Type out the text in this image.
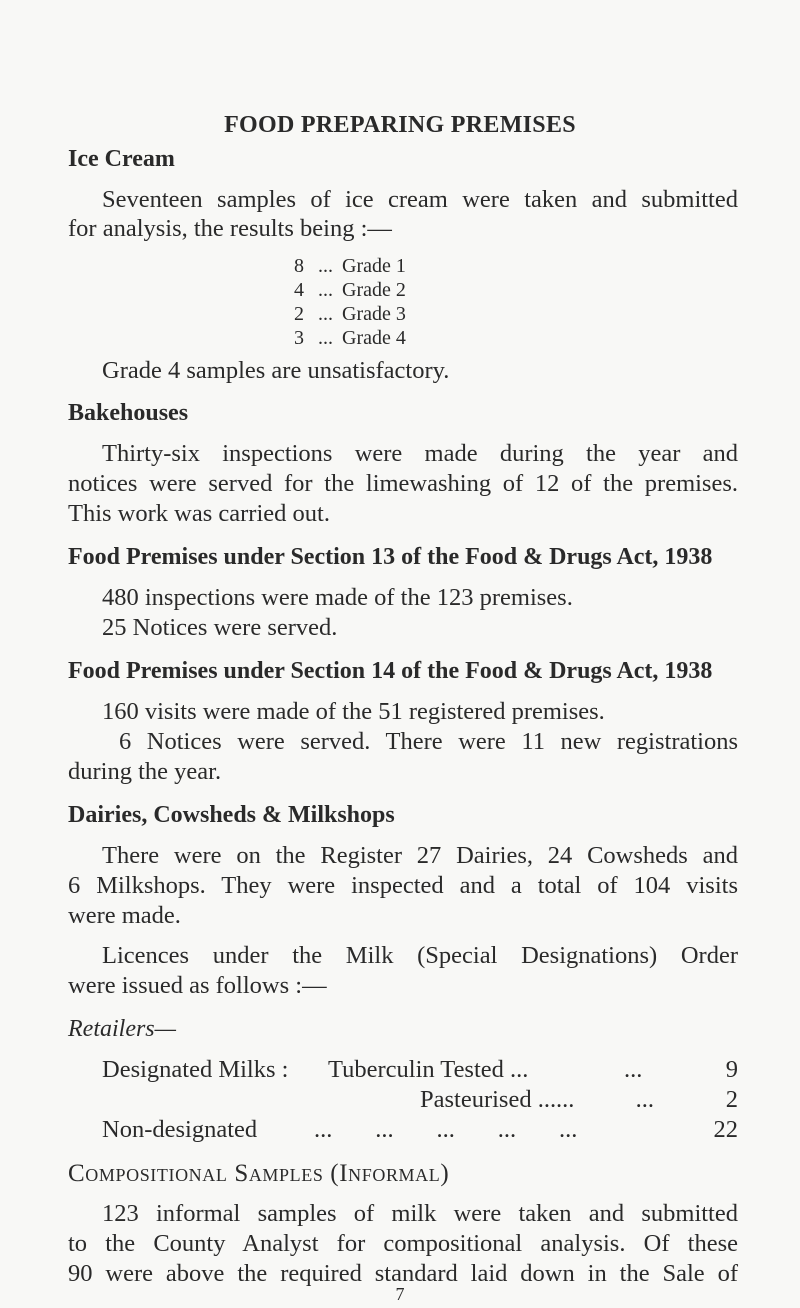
FOOD PREPARING PREMISES
Ice Cream
Seventeen samples of ice cream were taken and submitted
for analysis, the results being :—
8 ... Grade 1
4 ... Grade 2
2 ... Grade 3
3 ... Grade 4
Grade 4 samples are unsatisfactory.
Bakehouses
Thirty-six inspections were made during the year and
notices were served for the limewashing of 12 of the premises.
This work was carried out.
Food Premises under Section 13 of the Food & Drugs Act, 1938
480 inspections were made of the 123 premises.
25 Notices were served.
Food Premises under Section 14 of the Food & Drugs Act, 1938
160 visits were made of the 51 registered premises.
6 Notices were served. There were 11 new registrations
during the year.
Dairies, Cowsheds & Milkshops
There were on the Register 27 Dairies, 24 Cowsheds and
6 Milkshops. They were inspected and a total of 104 visits
were made.
Licences under the Milk (Special Designations) Order
were issued as follows :—
Retailers—
Designated Milks : Tuberculin Tested ...	...	9
Pasteurised ... ...          ...	2
Non-designated ...       ...       ...       ...       ...	22
Compositional Samples (Informal)
123 informal samples of milk were taken and submitted
to the County Analyst for compositional analysis. Of these
90 were above the required standard laid down in the Sale of
7
